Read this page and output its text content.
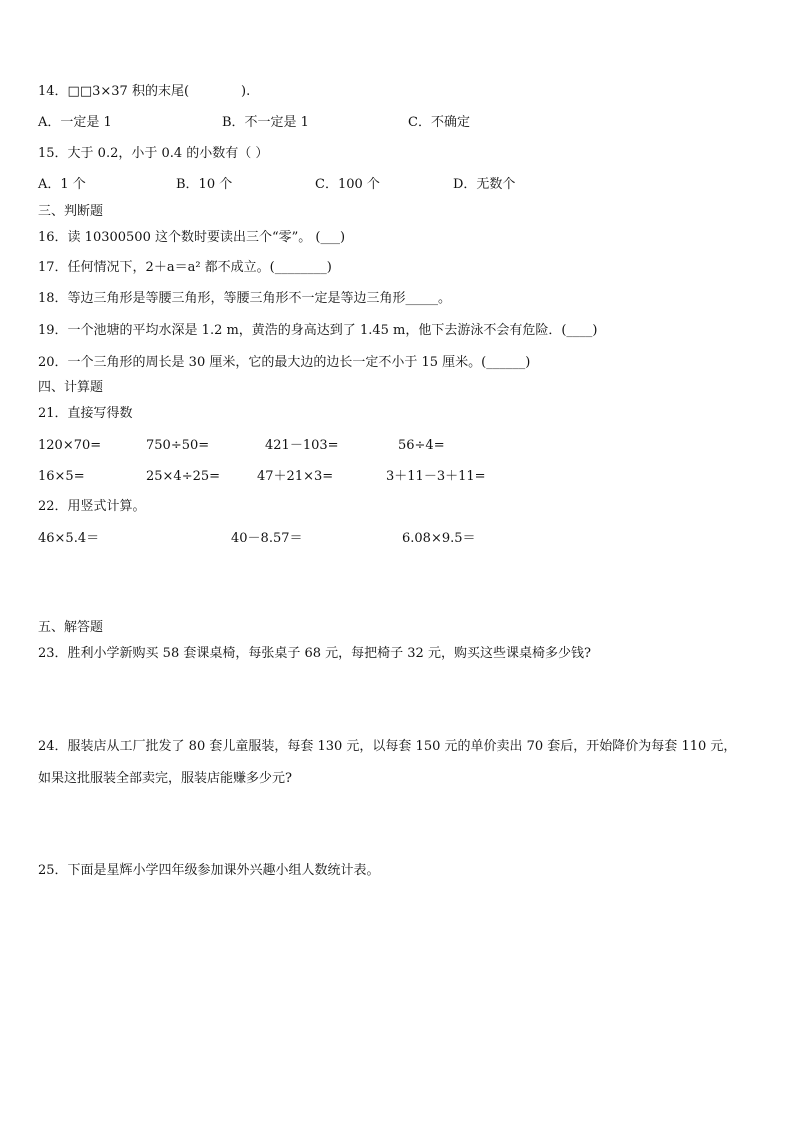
14．□□3×37 积的末尾(　　　　).
A．一定是 1	B．不一定是 1	C．不确定
15．大于 0.2，小于 0.4 的小数有（ ）
A．1 个	B．10 个	C．100 个	D．无数个
三、判断题
16．读 10300500 这个数时要读出三个“零”。 (___)
17．任何情况下，2＋a＝a² 都不成立。(________)
18．等边三角形是等腰三角形，等腰三角形不一定是等边三角形_____。
19．一个池塘的平均水深是 1.2 m，黄浩的身高达到了 1.45 m，他下去游泳不会有危险．(____)
20．一个三角形的周长是 30 厘米，它的最大边的边长一定不小于 15 厘米。(______)
四、计算题
21．直接写得数
120×70=	750÷50=	421－103=	56÷4=
16×5=	25×4÷25=	47＋21×3=	3＋11－3＋11=
22．用竖式计算。
46×5.4＝	40－8.57＝	6.08×9.5＝
五、解答题
23．胜利小学新购买 58 套课桌椅，每张桌子 68 元，每把椅子 32 元，购买这些课桌椅多少钱?
24．服装店从工厂批发了 80 套儿童服装，每套 130 元，以每套 150 元的单价卖出 70 套后，开始降价为每套 110 元，
如果这批服装全部卖完，服装店能赚多少元?
25．下面是星辉小学四年级参加课外兴趣小组人数统计表。
